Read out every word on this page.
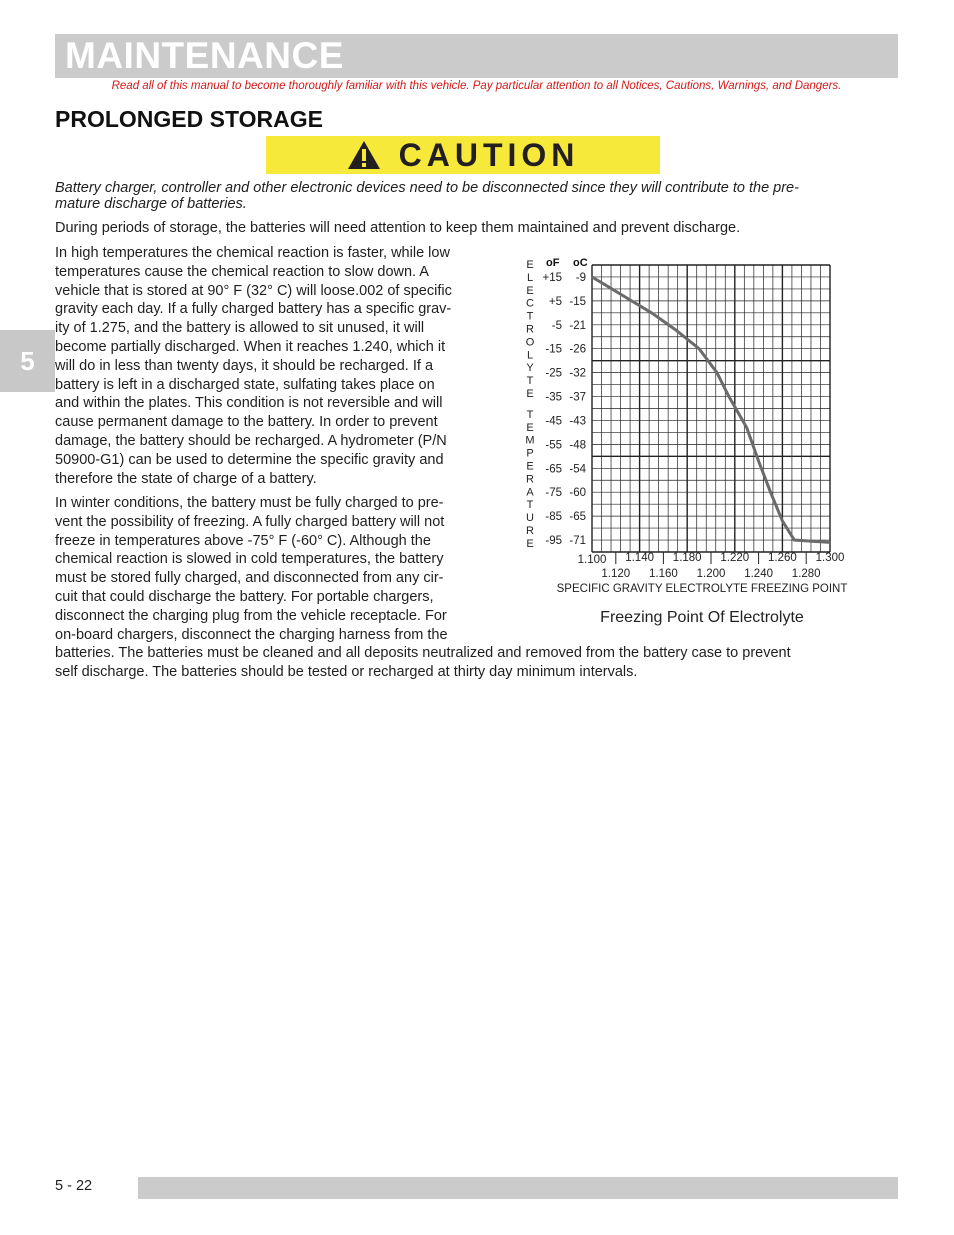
MAINTENANCE
Read all of this manual to become thoroughly familiar with this vehicle. Pay particular attention to all Notices, Cautions, Warnings, and Dangers.
PROLONGED STORAGE
CAUTION
Battery charger, controller and other electronic devices need to be disconnected since they will contribute to the pre-
mature discharge of batteries.
During periods of storage, the batteries will need attention to keep them maintained and prevent discharge.
5
In high temperatures the chemical reaction is faster, while low
temperatures cause the chemical reaction to slow down. A
vehicle that is stored at 90° F (32° C) will loose.002 of specific
gravity each day. If a fully charged battery has a specific grav-
ity of 1.275, and the battery is allowed to sit unused, it will
become partially discharged. When it reaches 1.240, which it
will do in less than twenty days, it should be recharged. If a
battery is left in a discharged state, sulfating takes place on
and within the plates. This condition is not reversible and will
cause permanent damage to the battery. In order to prevent
damage, the battery should be recharged. A hydrometer (P/N
50900-G1) can be used to determine the specific gravity and
therefore the state of charge of a battery.
In winter conditions, the battery must be fully charged to pre-
vent the possibility of freezing. A fully charged battery will not
freeze in temperatures above -75° F (-60° C). Although the
chemical reaction is slowed in cold temperatures, the battery
must be stored fully charged, and disconnected from any cir-
cuit that could discharge the battery. For portable chargers,
disconnect the charging plug from the vehicle receptacle. For
on-board chargers, disconnect the charging harness from the
batteries. The batteries must be cleaned and all deposits neutralized and removed from the battery case to prevent
self discharge. The batteries should be tested or recharged at thirty day minimum intervals.
E
L
E
C
T
R
O
L
Y
T
E
T
E
M
P
E
R
A
T
U
R
E
oF oC
+15
+5
-5
-15
-25
-35
-45
-55
-65
-75
-85
-95
-9
-15
-21
-26
-32
-37
-43
-48
-54
-60
-65
-71
1.100 1.140 1.180 1.220 1.260 1.300
1.120 1.160 1.200 1.240 1.280
SPECIFIC GRAVITY ELECTROLYTE FREEZING POINT
Freezing Point Of Electrolyte
5 - 22
